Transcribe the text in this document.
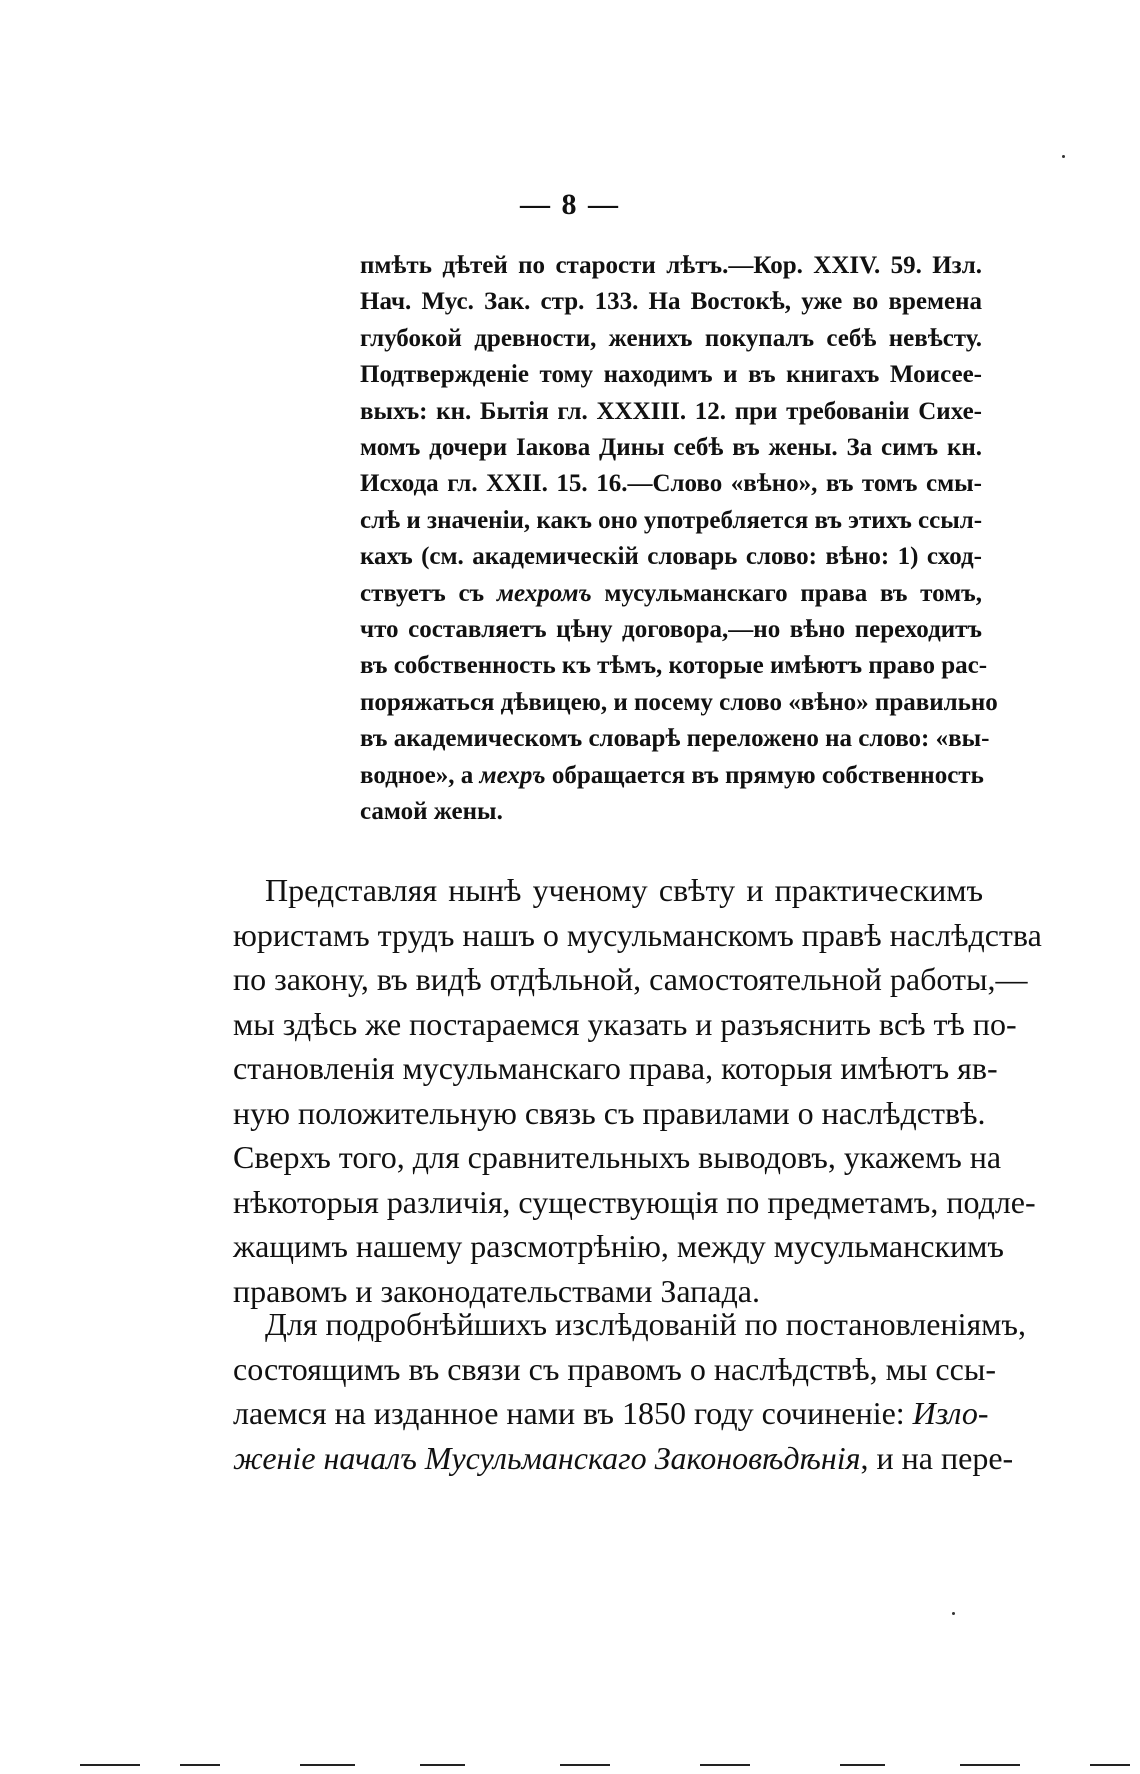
— 8 —
пмѣть дѣтей по старости лѣтъ.—Кор. XXIV. 59. Изл.
Нач. Мус. Зак. стр. 133. На Востокѣ, уже во времена
глубокой древности, женихъ покупалъ себѣ невѣсту.
Подтвержденіе тому находимъ и въ книгахъ Моисее-
выхъ: кн. Бытія гл. XXXIII. 12. при требованіи Сихе-
момъ дочери Іакова Дины себѣ въ жены. За симъ кн.
Исхода гл. XXII. 15. 16.—Слово «вѣно», въ томъ смы-
слѣ и значеніи, какъ оно употребляется въ этихъ ссыл-
кахъ (см. академическій словарь слово: вѣно: 1) сход-
ствуетъ съ мехромъ мусульманскаго права въ томъ,
что составляетъ цѣну договора,—но вѣно переходитъ
въ собственность къ тѣмъ, которые имѣютъ право рас-
поряжаться дѣвицею, и посему слово «вѣно» правильно
въ академическомъ словарѣ переложено на слово: «вы-
водное», а мехръ обращается въ прямую собственность
самой жены.
Представляя нынѣ ученому свѣту и практическимъ
юристамъ трудъ нашъ о мусульманскомъ правѣ наслѣдства
по закону, въ видѣ отдѣльной, самостоятельной работы,—
мы здѣсь же постараемся указать и разъяснить всѣ тѣ по-
становленія мусульманскаго права, которыя имѣютъ яв-
ную положительную связь съ правилами о наслѣдствѣ.
Сверхъ того, для сравнительныхъ выводовъ, укажемъ на
нѣкоторыя различія, существующія по предметамъ, подле-
жащимъ нашему разсмотрѣнію, между мусульманскимъ
правомъ и законодательствами Запада.
Для подробнѣйшихъ изслѣдованій по постановленіямъ,
состоящимъ въ связи съ правомъ о наслѣдствѣ, мы ссы-
лаемся на изданное нами въ 1850 году сочиненіе: Изло-
женіе началъ Мусульманскаго Законовѣдѣнія, и на пере-
